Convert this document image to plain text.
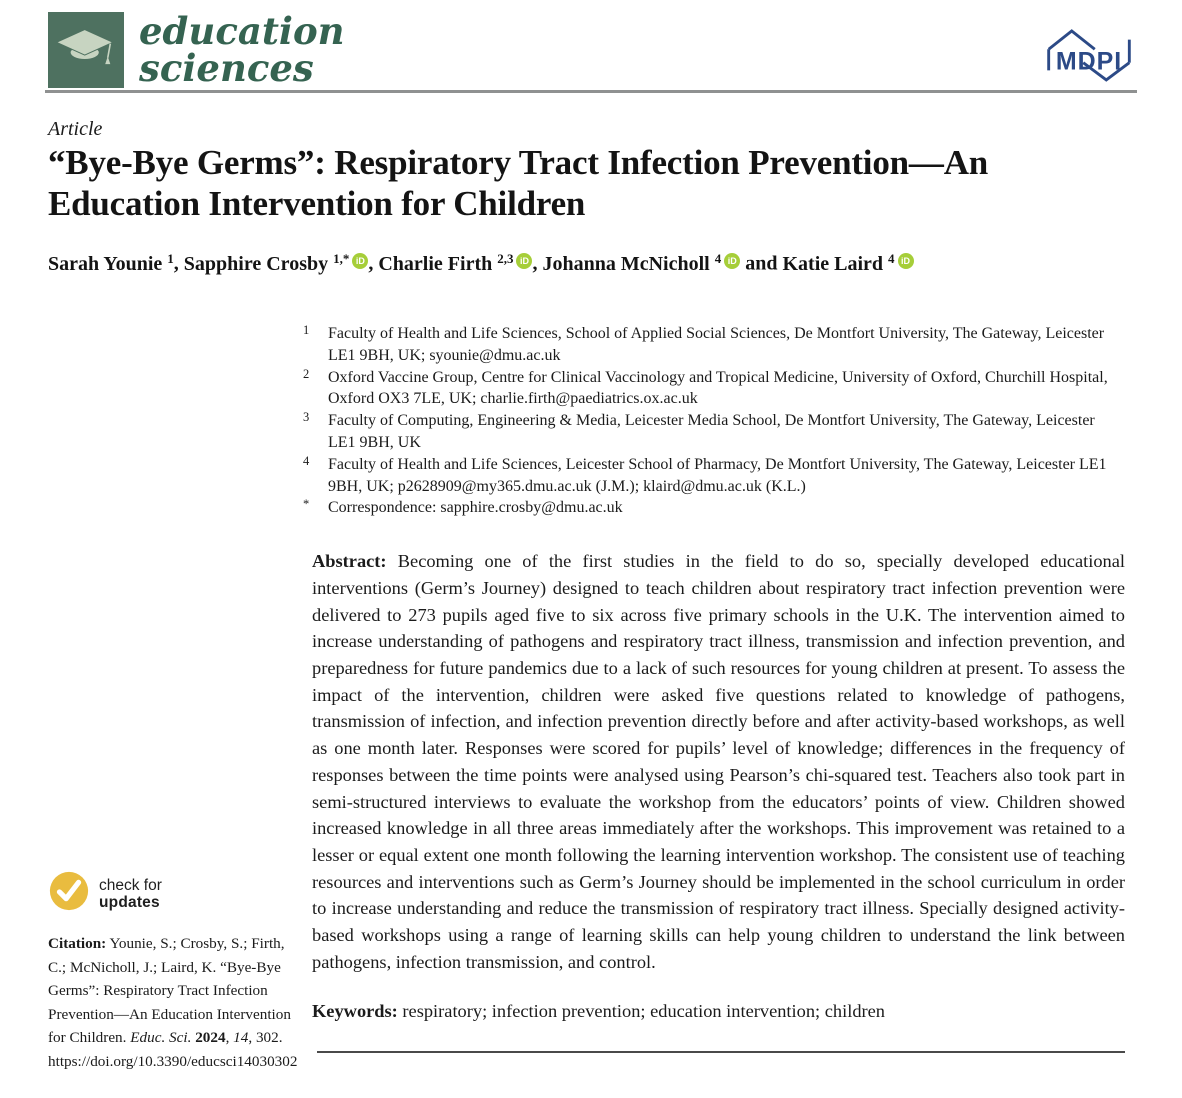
education
sciences	MDPI
Article
“Bye-Bye Germs”: Respiratory Tract Infection Prevention—An
Education Intervention for Children
Sarah Younie $^1$, Sapphire Crosby $^{1,*}$ iD , Charlie Firth $^{2,3}$ iD , Johanna McNicholl $^4$ iD and Katie Laird $^4$ iD
1	Faculty of Health and Life Sciences, School of Applied Social Sciences, De Montfort University, The Gateway, Leicester LE1 9BH, UK; syounie@dmu.ac.uk
2	Oxford Vaccine Group, Centre for Clinical Vaccinology and Tropical Medicine, University of Oxford, Churchill Hospital, Oxford OX3 7LE, UK; charlie.firth@paediatrics.ox.ac.uk
3	Faculty of Computing, Engineering & Media, Leicester Media School, De Montfort University, The Gateway, Leicester LE1 9BH, UK
4	Faculty of Health and Life Sciences, Leicester School of Pharmacy, De Montfort University, The Gateway, Leicester LE1 9BH, UK; p2628909@my365.dmu.ac.uk (J.M.); klaird@dmu.ac.uk (K.L.)
*	Correspondence: sapphire.crosby@dmu.ac.uk

Abstract: Becoming one of the first studies in the field to do so, specially developed educational interventions (Germ’s Journey) designed to teach children about respiratory tract infection prevention were delivered to 273 pupils aged five to six across five primary schools in the U.K. The intervention aimed to increase understanding of pathogens and respiratory tract illness, transmission and infection prevention, and preparedness for future pandemics due to a lack of such resources for young children at present. To assess the impact of the intervention, children were asked five questions related to knowledge of pathogens, transmission of infection, and infection prevention directly before and after activity-based workshops, as well as one month later. Responses were scored for pupils’ level of knowledge; differences in the frequency of responses between the time points were analysed using Pearson’s chi-squared test. Teachers also took part in semi-structured interviews to evaluate the workshop from the educators’ points of view. Children showed increased knowledge in all three areas immediately after the workshops. This improvement was retained to a lesser or equal extent one month following the learning intervention workshop. The consistent use of teaching resources and interventions such as Germ’s Journey should be implemented in the school curriculum in order to increase understanding and reduce the transmission of respiratory tract illness. Specially designed activity-based workshops using a range of learning skills can help young children to understand the link between pathogens, infection transmission, and control.

Keywords: respiratory; infection prevention; education intervention; children

check for
updates

Citation: Younie, S.; Crosby, S.; Firth, C.; McNicholl, J.; Laird, K. “Bye-Bye Germs”: Respiratory Tract Infection Prevention—An Education Intervention for Children. Educ. Sci. 2024, 14, 302. https://doi.org/10.3390/educsci14030302
